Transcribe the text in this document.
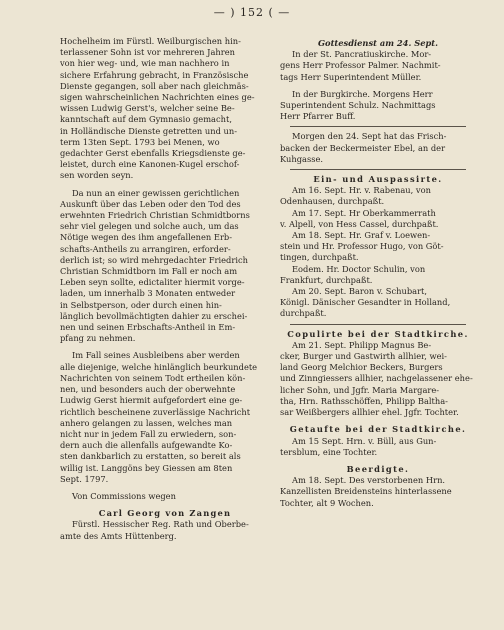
— ) 152 ( —

Hochelheim im Fürstl. Weilburgischen hin-

terlassener Sohn ist vor mehreren Jahren

von hier weg- und, wie man nachhero in

sichere Erfahrung gebracht, in Französische

Dienste gegangen, soll aber nach gleichmäs-

sigen wahrscheinlichen Nachrichten eines ge-

wissen Ludwig Gerst's, welcher seine Be-

kanntschaft auf dem Gymnasio gemacht,

in Holländische Dienste getretten und un-

term 13ten Sept. 1793 bei Menen, wo

gedachter Gerst ebenfalls Kriegsdienste ge-

leistet, durch eine Kanonen-Kugel erschof-

sen worden seyn.

Da nun an einer gewissen gerichtlichen

Auskunft über das Leben oder den Tod des

erwehnten Friedrich Christian Schmidtborns

sehr viel gelegen und solche auch, um das

Nötige wegen des ihm angefallenen Erb-

schafts-Antheils zu arrangiren, erforder-

derlich ist; so wird mehrgedachter Friedrich

Christian Schmidtborn im Fall er noch am

Leben seyn sollte, edictaliter hiermit vorge-

laden, um innerhalb 3 Monaten entweder

in Selbstperson, oder durch einen hin-

länglich bevollmächtigten dahier zu erschei-

nen und seinen Erbschafts-Antheil in Em-

pfang zu nehmen.

Im Fall seines Ausbleibens aber werden

alle diejenige, welche hinlänglich beurkundete

Nachrichten von seinem Todt ertheilen kön-

nen, und besonders auch der oberwehnte

Ludwig Gerst hiermit aufgefordert eine ge-

richtlich bescheinene zuverlässige Nachricht

anhero gelangen zu lassen, welches man

nicht nur in jedem Fall zu erwiedern, son-

dern auch die allenfalls aufgewandte Ko-

sten dankbarlich zu erstatten, so bereit als

willig ist. Langgöns bey Giessen am 8ten

Sept. 1797.

Von Commissions wegen

Carl Georg von Zangen

Fürstl. Hessischer Reg. Rath und Oberbe-

amte des Amts Hüttenberg.

Gottesdienst am 24. Sept.

In der St. Pancratiuskirche. Mor-

gens Herr Professor Palmer. Nachmit-

tags Herr Superintendent Müller.

In der Burgkirche. Morgens Herr

Superintendent Schulz. Nachmittags

Herr Pfarrer Buff.

Morgen den 24. Sept hat das Frisch-

backen der Beckermeister Ebel, an der

Kuhgasse.

Ein- und Auspassirte.

Am 16. Sept. Hr. v. Rabenau, von

Odenhausen, durchpaßt.

Am 17. Sept. Hr Oberkammerrath

v. Alpell, von Hess Cassel, durchpaßt.

Am 18. Sept. Hr. Graf v. Loewen-

stein und Hr. Professor Hugo, von Göt-

tingen, durchpaßt.

Eodem. Hr. Doctor Schulin, von

Frankfurt, durchpaßt.

Am 20. Sept. Baron v. Schubart,

Königl. Dänischer Gesandter in Holland,

durchpaßt.

Copulirte bei der Stadtkirche.

Am 21. Sept. Philipp Magnus Be-

cker, Burger und Gastwirth allhier, wei-

land Georg Melchior Beckers, Burgers

und Zinngiessers allhier, nachgelassener ehe-

licher Sohn, und Jgfr. Maria Margare-

tha, Hrn. Rathsschöffen, Philipp Baltha-

sar Weißbergers allhier ehel. Jgfr. Tochter.

Getaufte bei der Stadtkirche.

Am 15 Sept. Hrn. v. Büll, aus Gun-

tersblum, eine Tochter.

Beerdigte.

Am 18. Sept. Des verstorbenen Hrn.

Kanzellisten Breidensteins hinterlassene

Tochter, alt 9 Wochen.
